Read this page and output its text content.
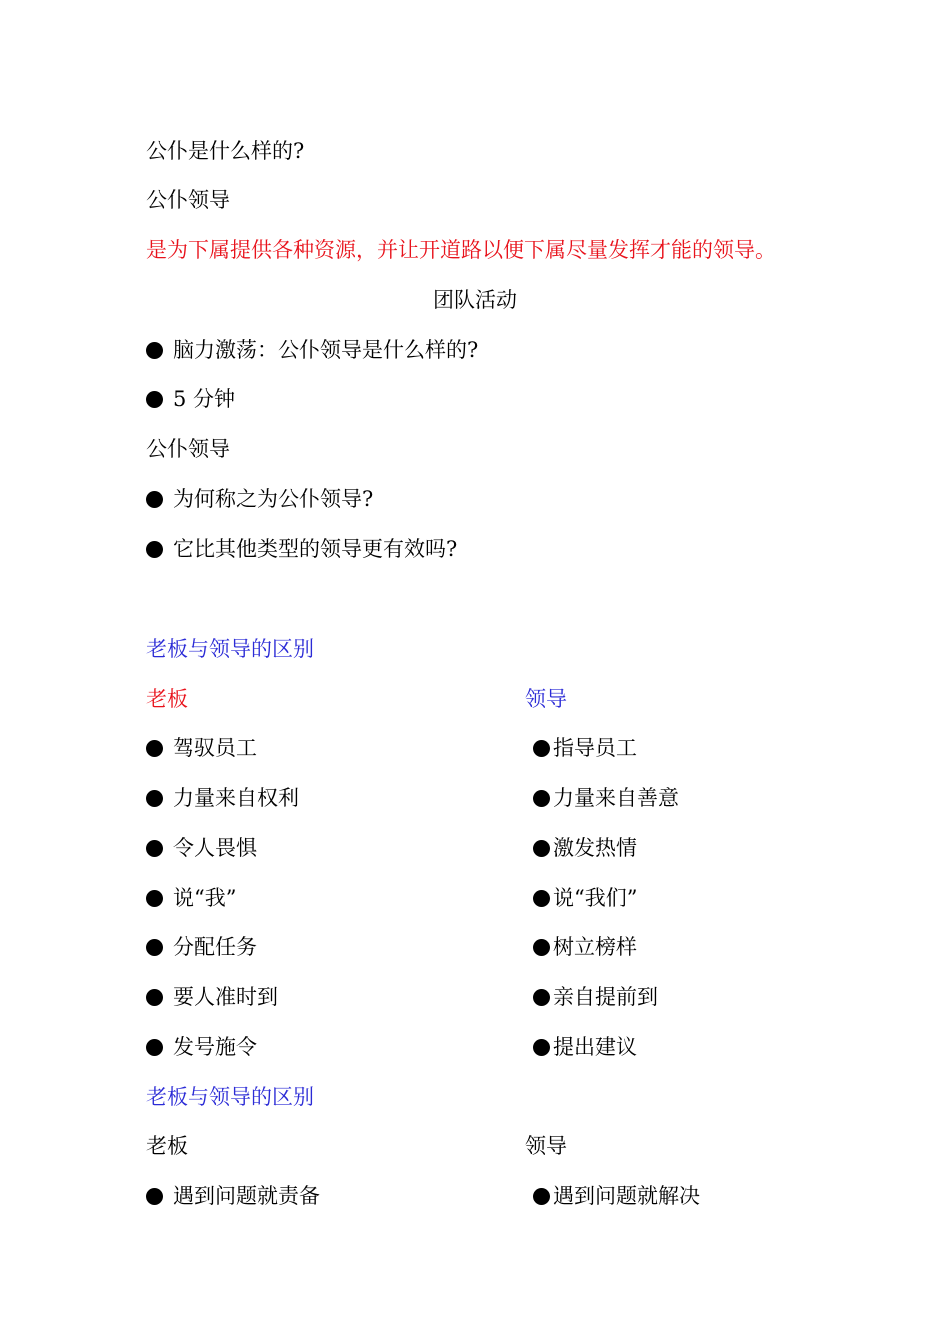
公仆是什么样的?
公仆领导
是为下属提供各种资源，并让开道路以便下属尽量发挥才能的领导。
团队活动
脑力激荡：公仆领导是什么样的?
5 分钟
公仆领导
为何称之为公仆领导?
它比其他类型的领导更有效吗?
老板与领导的区别
老板	领导
驾驭员工	指导员工
力量来自权利	力量来自善意
令人畏惧	激发热情
说“我”	说“我们”
分配任务	树立榜样
要人准时到	亲自提前到
发号施令	提出建议
老板与领导的区别
老板	领导
遇到问题就责备	遇到问题就解决
